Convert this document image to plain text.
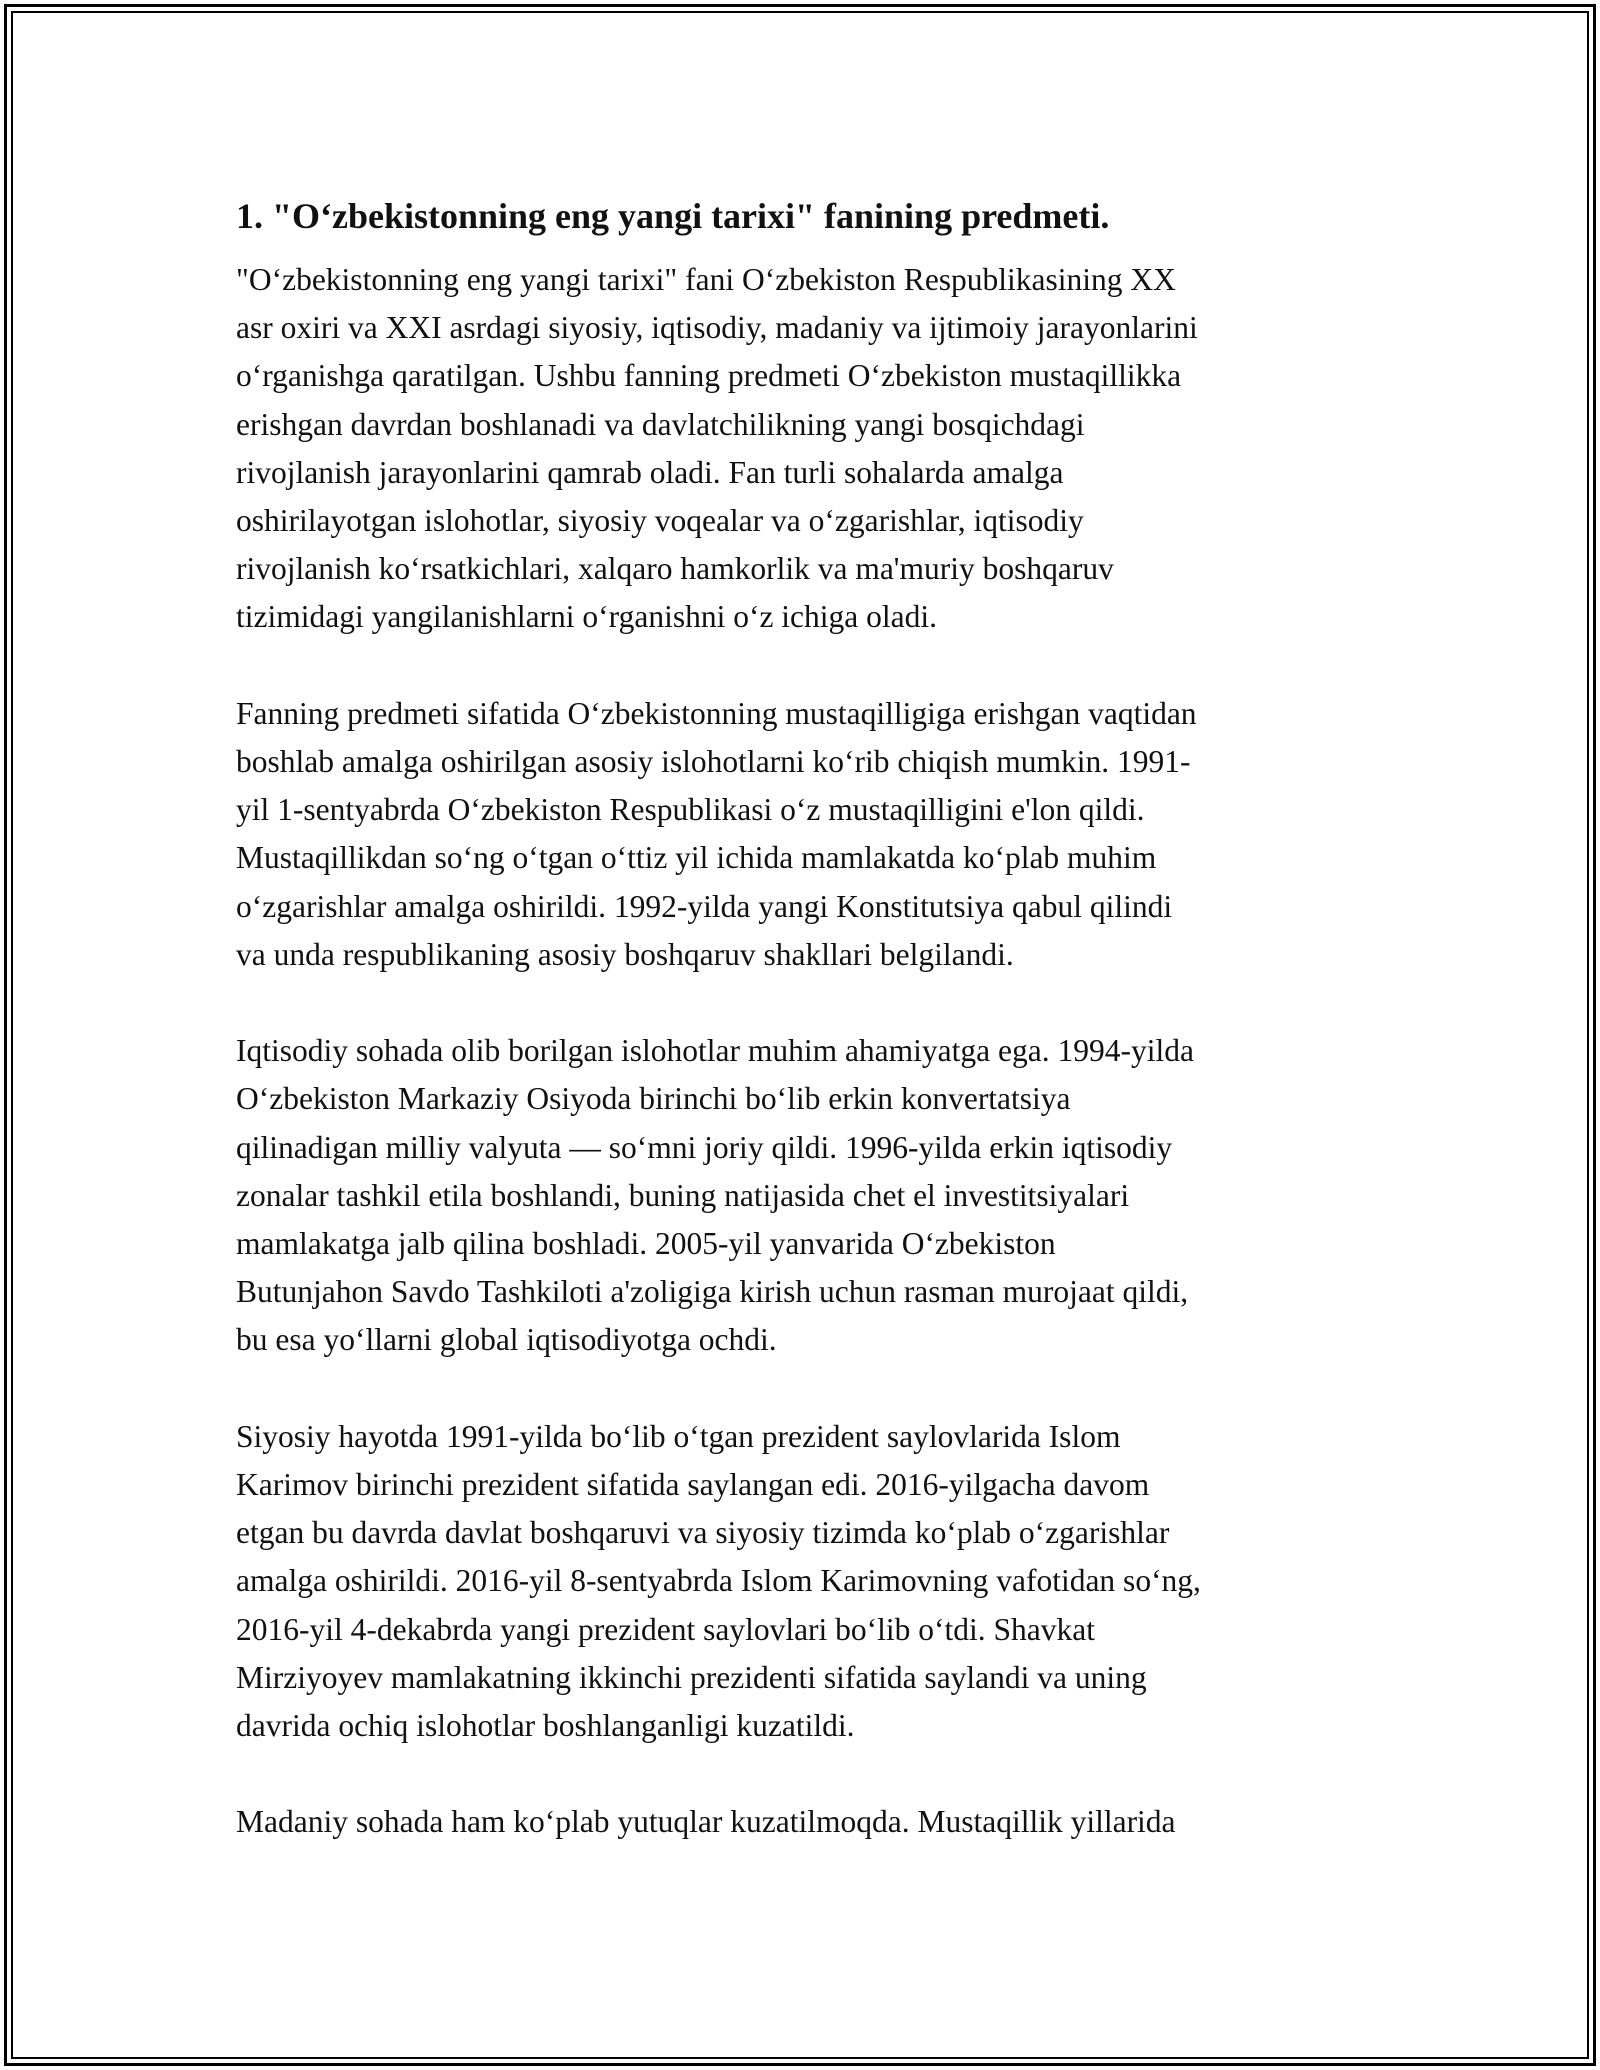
1. "O‘zbekistonning eng yangi tarixi" fanining predmeti.

"O‘zbekistonning eng yangi tarixi" fani O‘zbekiston Respublikasining XX
asr oxiri va XXI asrdagi siyosiy, iqtisodiy, madaniy va ijtimoiy jarayonlarini
o‘rganishga qaratilgan. Ushbu fanning predmeti O‘zbekiston mustaqillikka
erishgan davrdan boshlanadi va davlatchilikning yangi bosqichdagi
rivojlanish jarayonlarini qamrab oladi. Fan turli sohalarda amalga
oshirilayotgan islohotlar, siyosiy voqealar va o‘zgarishlar, iqtisodiy
rivojlanish ko‘rsatkichlari, xalqaro hamkorlik va ma'muriy boshqaruv
tizimidagi yangilanishlarni o‘rganishni o‘z ichiga oladi.

Fanning predmeti sifatida O‘zbekistonning mustaqilligiga erishgan vaqtidan
boshlab amalga oshirilgan asosiy islohotlarni ko‘rib chiqish mumkin. 1991-
yil 1-sentyabrda O‘zbekiston Respublikasi o‘z mustaqilligini e'lon qildi.
Mustaqillikdan so‘ng o‘tgan o‘ttiz yil ichida mamlakatda ko‘plab muhim
o‘zgarishlar amalga oshirildi. 1992-yilda yangi Konstitutsiya qabul qilindi
va unda respublikaning asosiy boshqaruv shakllari belgilandi.

Iqtisodiy sohada olib borilgan islohotlar muhim ahamiyatga ega. 1994-yilda
O‘zbekiston Markaziy Osiyoda birinchi bo‘lib erkin konvertatsiya
qilinadigan milliy valyuta — so‘mni joriy qildi. 1996-yilda erkin iqtisodiy
zonalar tashkil etila boshlandi, buning natijasida chet el investitsiyalari
mamlakatga jalb qilina boshladi. 2005-yil yanvarida O‘zbekiston
Butunjahon Savdo Tashkiloti a'zoligiga kirish uchun rasman murojaat qildi,
bu esa yo‘llarni global iqtisodiyotga ochdi.

Siyosiy hayotda 1991-yilda bo‘lib o‘tgan prezident saylovlarida Islom
Karimov birinchi prezident sifatida saylangan edi. 2016-yilgacha davom
etgan bu davrda davlat boshqaruvi va siyosiy tizimda ko‘plab o‘zgarishlar
amalga oshirildi. 2016-yil 8-sentyabrda Islom Karimovning vafotidan so‘ng,
2016-yil 4-dekabrda yangi prezident saylovlari bo‘lib o‘tdi. Shavkat
Mirziyoyev mamlakatning ikkinchi prezidenti sifatida saylandi va uning
davrida ochiq islohotlar boshlanganligi kuzatildi.

Madaniy sohada ham ko‘plab yutuqlar kuzatilmoqda. Mustaqillik yillarida
